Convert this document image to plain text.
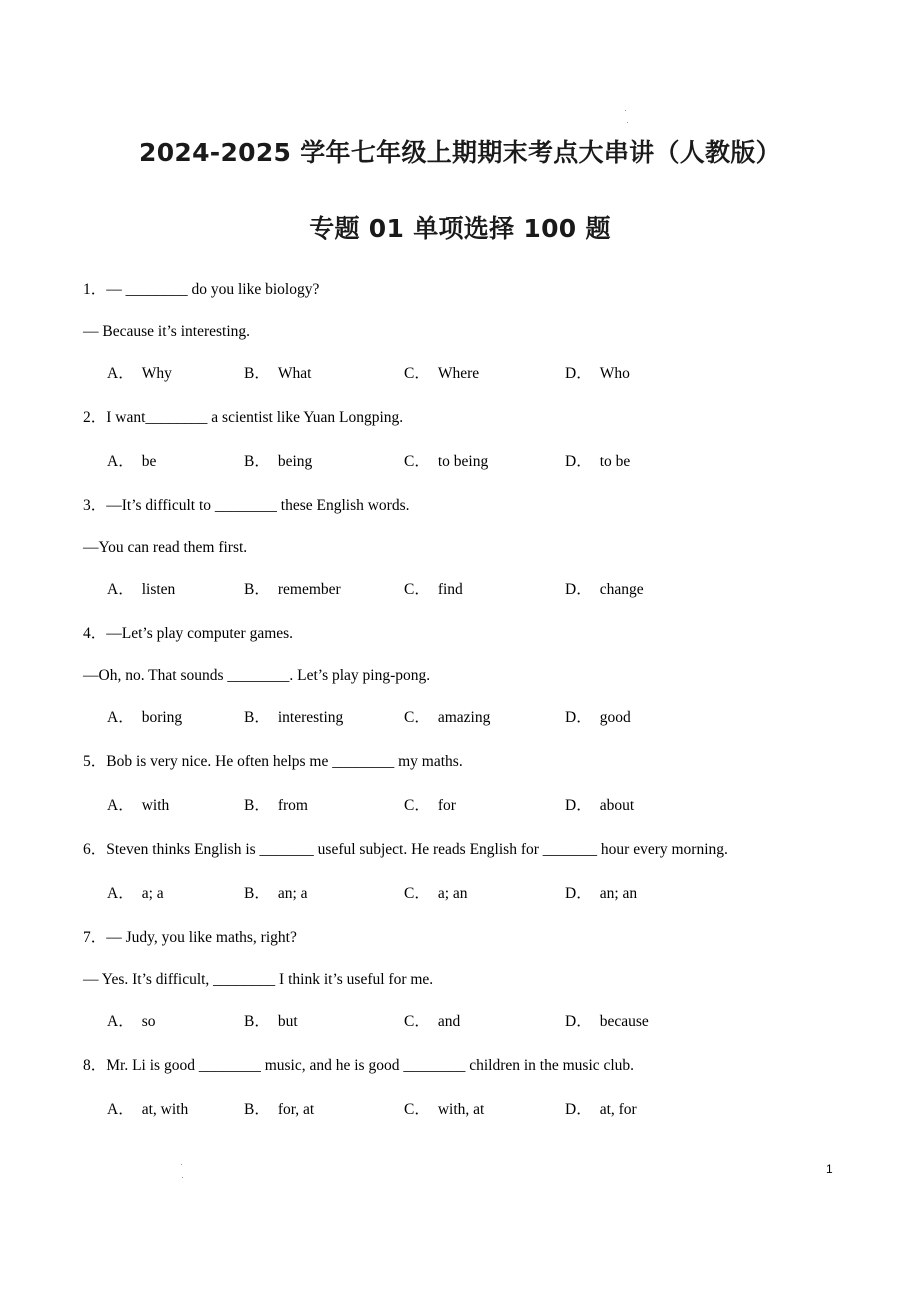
2024-2025 学年七年级上期期末考点大串讲（人教版）
专题 01 单项选择 100 题
1．— ________ do you like biology?
— Because it’s interesting.
A． Why	B． What	C． Where	D． Who
2．I want________ a scientist like Yuan Longping.
A． be	B． being	C． to being	D． to be
3．—It’s difficult to ________ these English words.
—You can read them first.
A． listen	B． remember	C． find	D． change
4．—Let’s play computer games.
—Oh, no. That sounds ________. Let’s play ping-pong.
A． boring	B． interesting	C． amazing	D． good
5．Bob is very nice. He often helps me ________ my maths.
A． with	B． from	C． for	D． about
6．Steven thinks English is _______ useful subject. He reads English for _______ hour every morning.
A． a; a	B． an; a	C． a; an	D． an; an
7．— Judy, you like maths, right?
— Yes. It’s difficult, ________ I think it’s useful for me.
A． so	B． but	C． and	D． because
8．Mr. Li is good ________ music, and he is good ________ children in the music club.
A． at, with	B． for, at	C． with, at	D． at, for
1
